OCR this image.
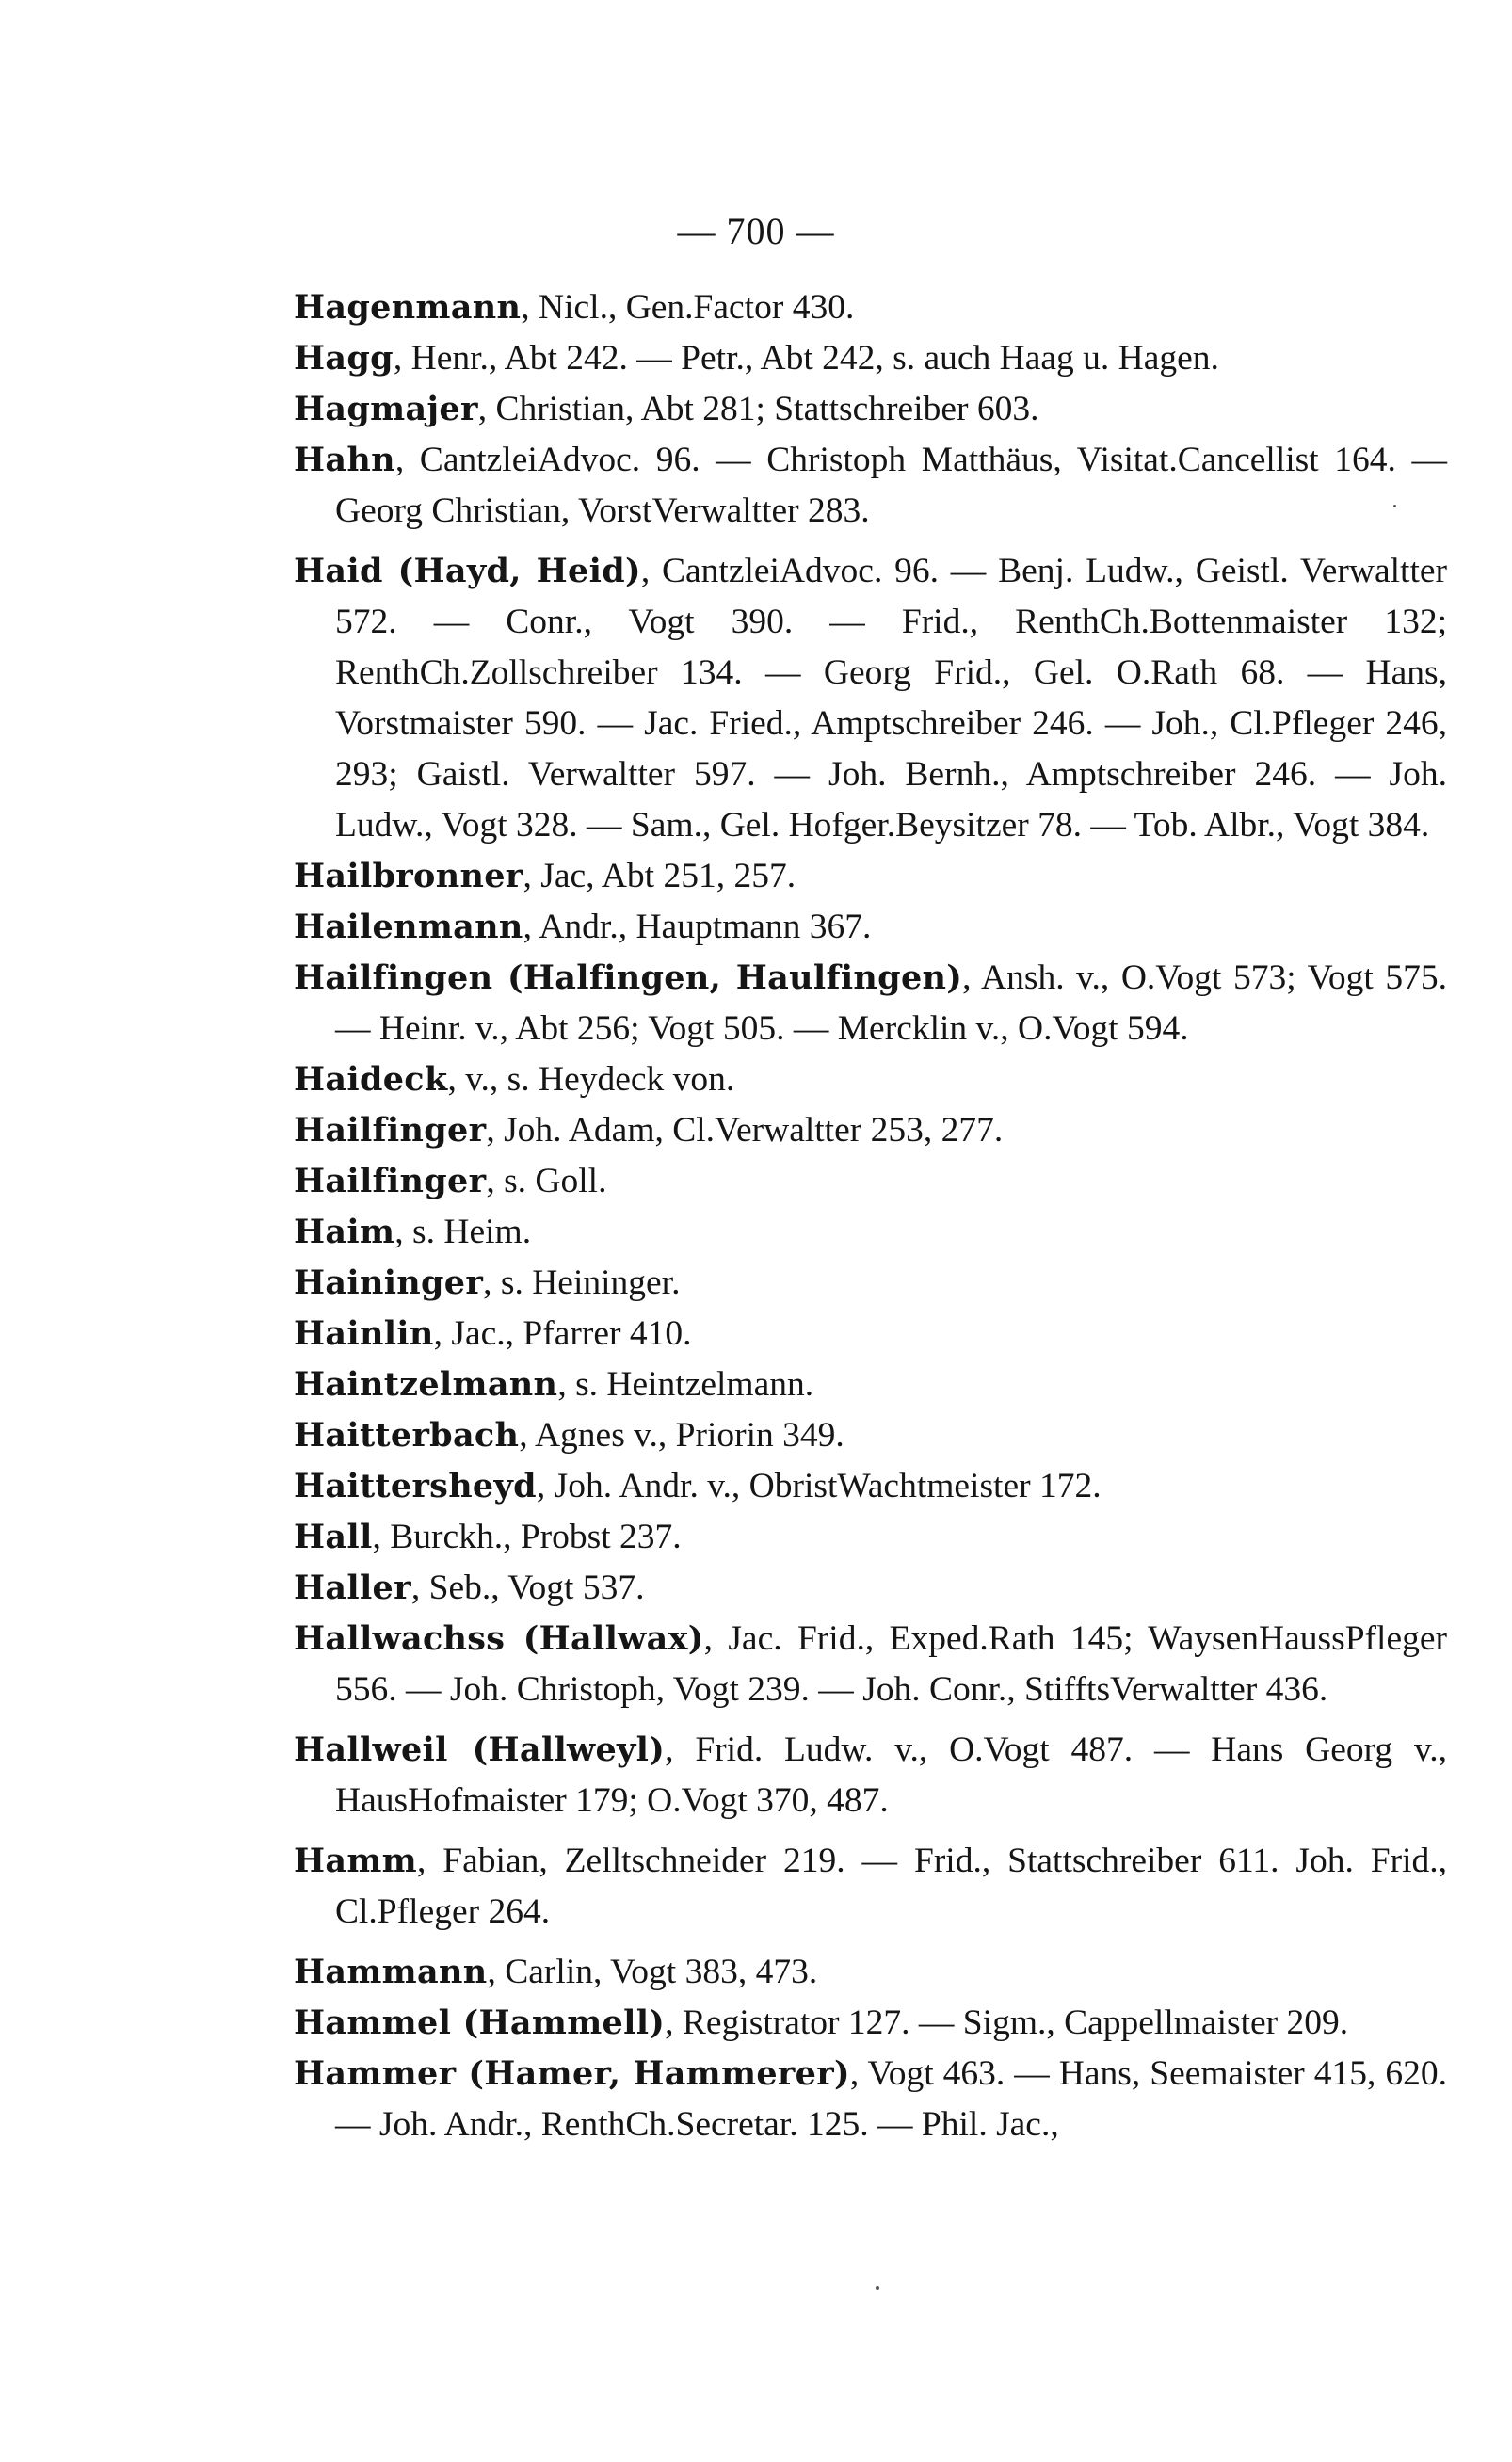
— 700 —

Hagenmann, Nicl., Gen.Factor 430.

Hagg, Henr., Abt 242. — Petr., Abt 242, s. auch Haag u. Hagen.

Hagmajer, Christian, Abt 281; Stattschreiber 603.

Hahn, CantzleiAdvoc. 96. — Christoph Matthäus, Visitat.Cancellist 164. — Georg Christian, VorstVerwaltter 283.

Haid (Hayd, Heid), CantzleiAdvoc. 96. — Benj. Ludw., Geistl. Verwaltter 572. — Conr., Vogt 390. — Frid., RenthCh.Bottenmaister 132; RenthCh.Zollschreiber 134. — Georg Frid., Gel. O.Rath 68. — Hans, Vorstmaister 590. — Jac. Fried., Amptschreiber 246. — Joh., Cl.Pfleger 246, 293; Gaistl. Verwaltter 597. — Joh. Bernh., Amptschreiber 246. — Joh. Ludw., Vogt 328. — Sam., Gel. Hofger.Beysitzer 78. — Tob. Albr., Vogt 384.

Hailbronner, Jac, Abt 251, 257.

Hailenmann, Andr., Hauptmann 367.

Hailfingen (Halfingen, Haulfingen), Ansh. v., O.Vogt 573; Vogt 575. — Heinr. v., Abt 256; Vogt 505. — Mercklin v., O.Vogt 594.

Haideck, v., s. Heydeck von.

Hailfinger, Joh. Adam, Cl.Verwaltter 253, 277.

Hailfinger, s. Goll.

Haim, s. Heim.

Haininger, s. Heininger.

Hainlin, Jac., Pfarrer 410.

Haintzelmann, s. Heintzelmann.

Haitterbach, Agnes v., Priorin 349.

Haittersheyd, Joh. Andr. v., ObristWachtmeister 172.

Hall, Burckh., Probst 237.

Haller, Seb., Vogt 537.

Hallwachss (Hallwax), Jac. Frid., Exped.Rath 145; WaysenHaussPfleger 556. — Joh. Christoph, Vogt 239. — Joh. Conr., StifftsVerwaltter 436.

Hallweil (Hallweyl), Frid. Ludw. v., O.Vogt 487. — Hans Georg v., HausHofmaister 179; O.Vogt 370, 487.

Hamm, Fabian, Zelltschneider 219. — Frid., Stattschreiber 611. Joh. Frid., Cl.Pfleger 264.

Hammann, Carlin, Vogt 383, 473.

Hammel (Hammell), Registrator 127. — Sigm., Cappellmaister 209.

Hammer (Hamer, Hammerer), Vogt 463. — Hans, Seemaister 415, 620. — Joh. Andr., RenthCh.Secretar. 125. — Phil. Jac.,
